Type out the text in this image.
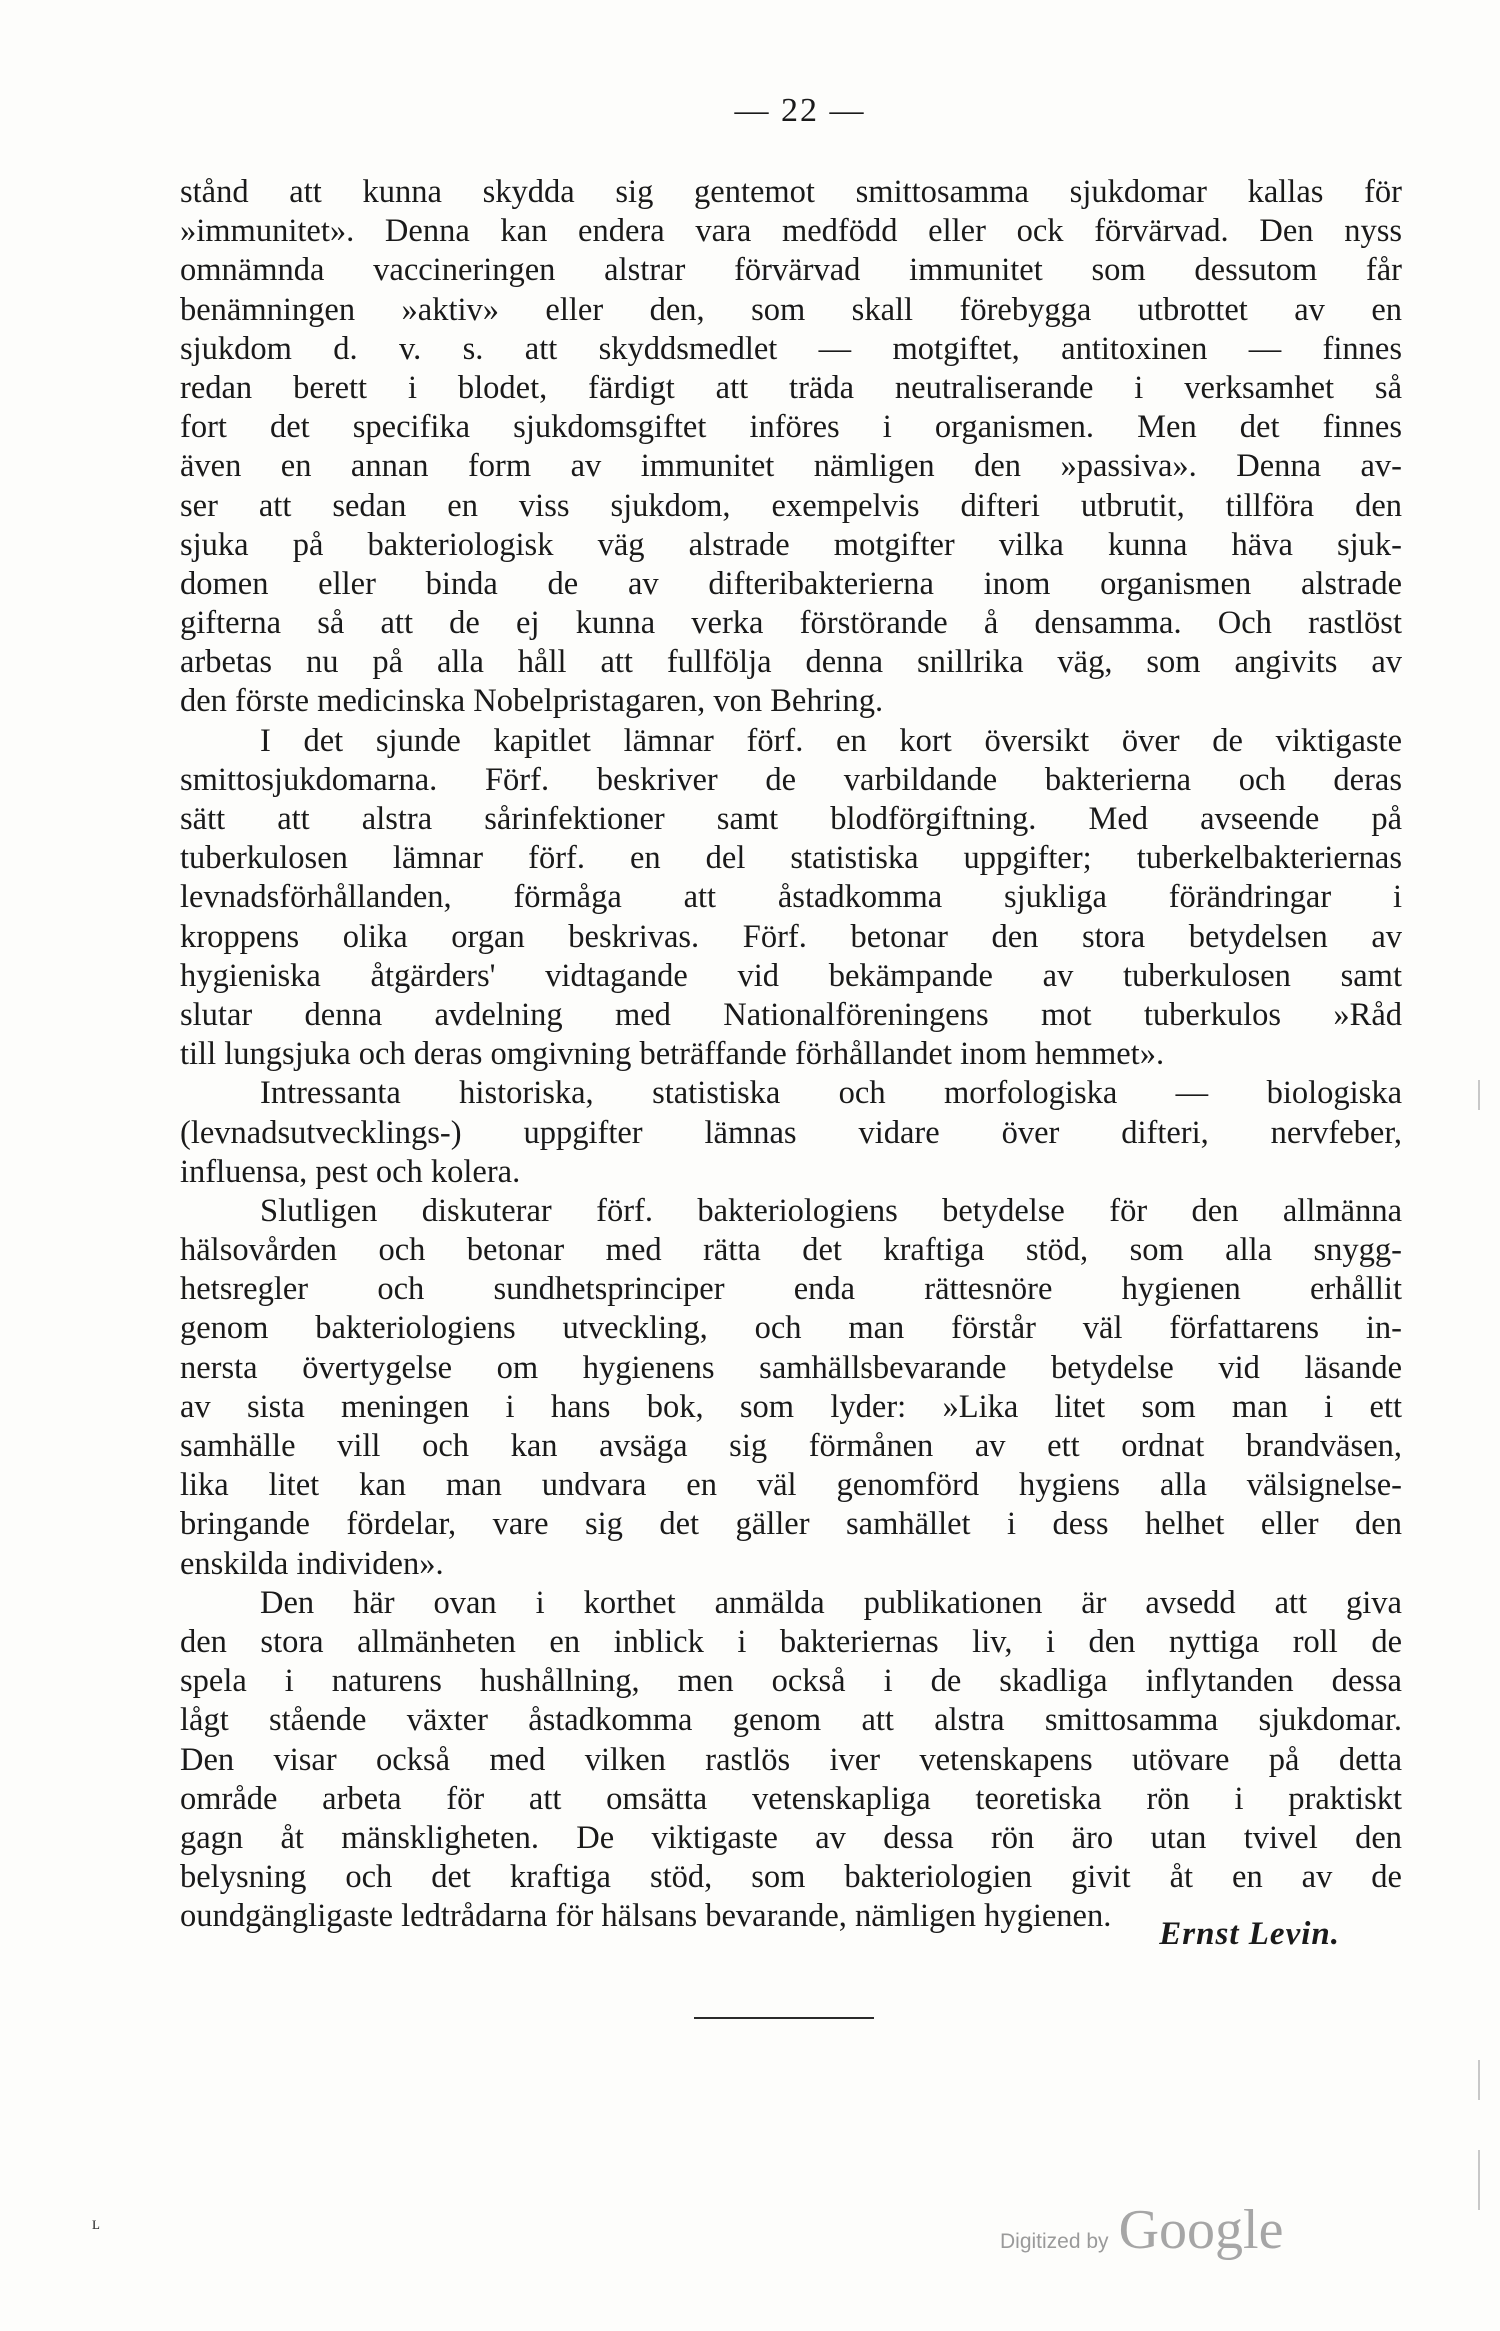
— 22 —
stånd att kunna skydda sig gentemot smittosamma sjukdomar kallas för
»immunitet». Denna kan endera vara medfödd eller ock förvärvad. Den nyss
omnämnda vaccineringen alstrar förvärvad immunitet som dessutom får
benämningen »aktiv» eller den, som skall förebygga utbrottet av en
sjukdom d. v. s. att skyddsmedlet — motgiftet, antitoxinen — finnes
redan berett i blodet, färdigt att träda neutraliserande i verksamhet så
fort det specifika sjukdomsgiftet införes i organismen. Men det finnes
även en annan form av immunitet nämligen den »passiva». Denna av-
ser att sedan en viss sjukdom, exempelvis difteri utbrutit, tillföra den
sjuka på bakteriologisk väg alstrade motgifter vilka kunna häva sjuk-
domen eller binda de av difteribakterierna inom organismen alstrade
gifterna så att de ej kunna verka förstörande å densamma. Och rastlöst
arbetas nu på alla håll att fullfölja denna snillrika väg, som angivits av
den förste medicinska Nobelpristagaren, von Behring.
I det sjunde kapitlet lämnar förf. en kort översikt över de viktigaste
smittosjukdomarna. Förf. beskriver de varbildande bakterierna och deras
sätt att alstra sårinfektioner samt blodförgiftning. Med avseende på
tuberkulosen lämnar förf. en del statistiska uppgifter; tuberkelbakteriernas
levnadsförhållanden, förmåga att åstadkomma sjukliga förändringar i
kroppens olika organ beskrivas. Förf. betonar den stora betydelsen av
hygieniska åtgärders' vidtagande vid bekämpande av tuberkulosen samt
slutar denna avdelning med Nationalföreningens mot tuberkulos »Råd
till lungsjuka och deras omgivning beträffande förhållandet inom hemmet».
Intressanta historiska, statistiska och morfologiska — biologiska
(levnadsutvecklings-) uppgifter lämnas vidare över difteri, nervfeber,
influensa, pest och kolera.
Slutligen diskuterar förf. bakteriologiens betydelse för den allmänna
hälsovården och betonar med rätta det kraftiga stöd, som alla snygg-
hetsregler och sundhetsprinciper enda rättesnöre hygienen erhållit
genom bakteriologiens utveckling, och man förstår väl författarens in-
nersta övertygelse om hygienens samhällsbevarande betydelse vid läsande
av sista meningen i hans bok, som lyder: »Lika litet som man i ett
samhälle vill och kan avsäga sig förmånen av ett ordnat brandväsen,
lika litet kan man undvara en väl genomförd hygiens alla välsignelse-
bringande fördelar, vare sig det gäller samhället i dess helhet eller den
enskilda individen».
Den här ovan i korthet anmälda publikationen är avsedd att giva
den stora allmänheten en inblick i bakteriernas liv, i den nyttiga roll de
spela i naturens hushållning, men också i de skadliga inflytanden dessa
lågt stående växter åstadkomma genom att alstra smittosamma sjukdomar.
Den visar också med vilken rastlös iver vetenskapens utövare på detta
område arbeta för att omsätta vetenskapliga teoretiska rön i praktiskt
gagn åt mänskligheten. De viktigaste av dessa rön äro utan tvivel den
belysning och det kraftiga stöd, som bakteriologien givit åt en av de
oundgängligaste ledtrådarna för hälsans bevarande, nämligen hygienen.	Ernst Levin.
ʟ
Digitized by Google
